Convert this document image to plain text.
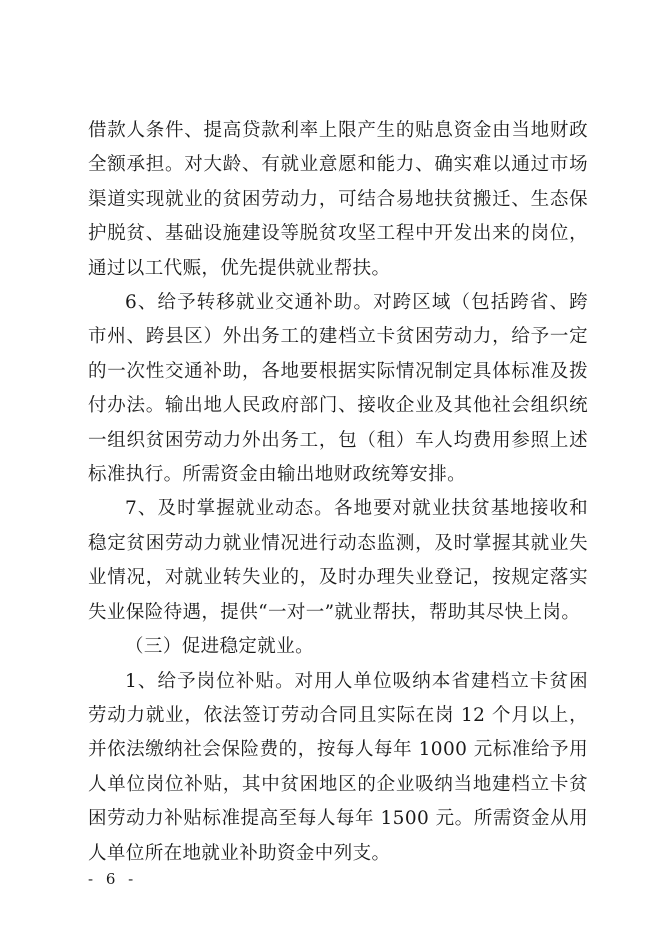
借款人条件、提高贷款利率上限产生的贴息资金由当地财政全额承担。对大龄、有就业意愿和能力、确实难以通过市场渠道实现就业的贫困劳动力，可结合易地扶贫搬迁、生态保护脱贫、基础设施建设等脱贫攻坚工程中开发出来的岗位，通过以工代赈，优先提供就业帮扶。

6、给予转移就业交通补助。对跨区域（包括跨省、跨市州、跨县区）外出务工的建档立卡贫困劳动力，给予一定的一次性交通补助，各地要根据实际情况制定具体标准及拨付办法。输出地人民政府部门、接收企业及其他社会组织统一组织贫困劳动力外出务工，包（租）车人均费用参照上述标准执行。所需资金由输出地财政统筹安排。

7、及时掌握就业动态。各地要对就业扶贫基地接收和稳定贫困劳动力就业情况进行动态监测，及时掌握其就业失业情况，对就业转失业的，及时办理失业登记，按规定落实失业保险待遇，提供“一对一”就业帮扶，帮助其尽快上岗。

（三）促进稳定就业。

1、给予岗位补贴。对用人单位吸纳本省建档立卡贫困劳动力就业，依法签订劳动合同且实际在岗 12 个月以上，并依法缴纳社会保险费的，按每人每年 1000 元标准给予用人单位岗位补贴，其中贫困地区的企业吸纳当地建档立卡贫困劳动力补贴标准提高至每人每年 1500 元。所需资金从用人单位所在地就业补助资金中列支。

- 6 -
